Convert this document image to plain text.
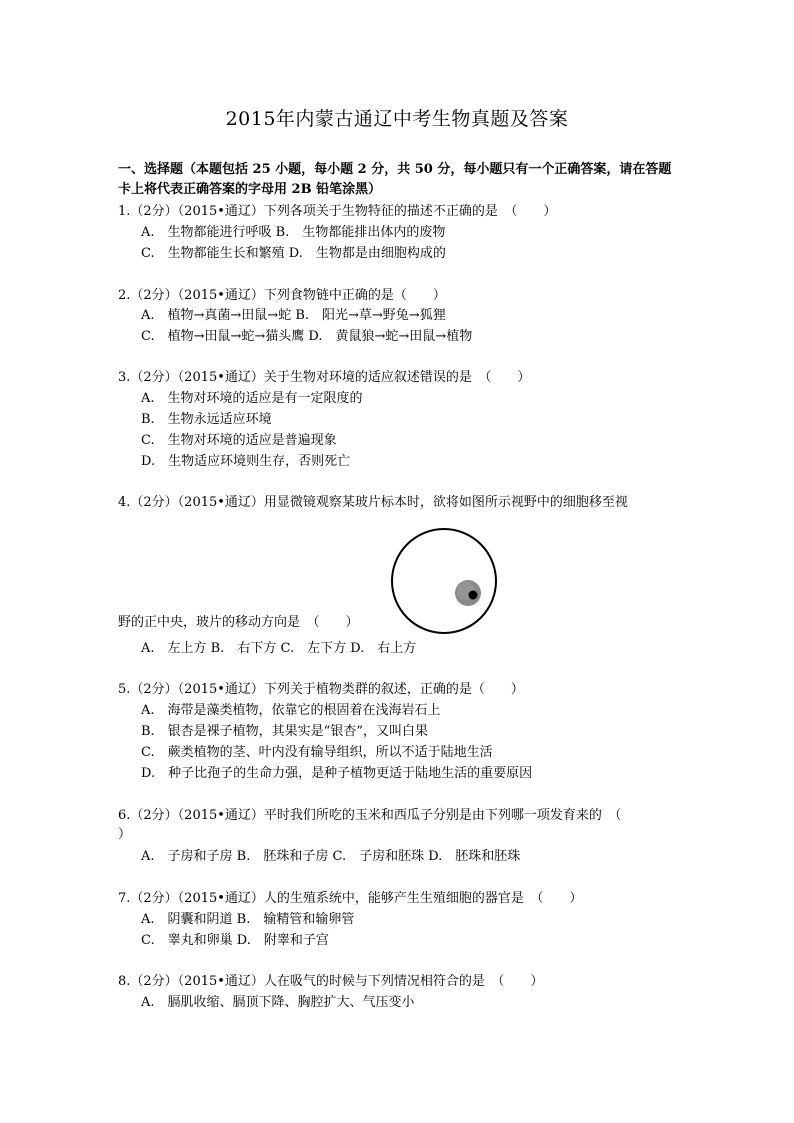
2015年内蒙古通辽中考生物真题及答案
一、选择题（本题包括 25 小题，每小题 2 分，共 50 分，每小题只有一个正确答案，请在答题卡上将代表正确答案的字母用 2B 铅笔涂黑）
1.（2分）（2015•通辽）下列各项关于生物特征的描述不正确的是　（　　）
A.　生物都能进行呼吸 B.　生物都能排出体内的废物
C.　生物都能生长和繁殖 D.　生物都是由细胞构成的
2.（2分）（2015•通辽）下列食物链中正确的是（　　）
A.　植物→真菌→田鼠→蛇 B.　阳光→草→野兔→狐狸
C.　植物→田鼠→蛇→猫头鹰 D.　黄鼠狼→蛇→田鼠→植物
3.（2分）（2015•通辽）关于生物对环境的适应叙述错误的是　（　　）
A.　生物对环境的适应是有一定限度的
B.　生物永远适应环境
C.　生物对环境的适应是普遍现象
D.　生物适应环境则生存，否则死亡
4.（2分）（2015•通辽）用显微镜观察某玻片标本时，欲将如图所示视野中的细胞移至视
野的正中央，玻片的移动方向是　（　　）
A.　左上方 B.　右下方 C.　左下方 D.　右上方
5.（2分）（2015•通辽）下列关于植物类群的叙述，正确的是（　　）
A.　海带是藻类植物，依靠它的根固着在浅海岩石上
B.　银杏是裸子植物，其果实是“银杏”，又叫白果
C.　蕨类植物的茎、叶内没有输导组织，所以不适于陆地生活
D.　种子比孢子的生命力强，是种子植物更适于陆地生活的重要原因
6.（2分）（2015•通辽）平时我们所吃的玉米和西瓜子分别是由下列哪一项发育来的　（
）
A.　子房和子房 B.　胚珠和子房 C.　子房和胚珠 D.　胚珠和胚珠
7.（2分）（2015•通辽）人的生殖系统中，能够产生生殖细胞的器官是　（　　）
A.　阴囊和阴道 B.　输精管和输卵管
C.　睾丸和卵巢 D.　附睾和子宫
8.（2分）（2015•通辽）人在吸气的时候与下列情况相符合的是　（　　）
A.　膈肌收缩、膈顶下降、胸腔扩大、气压变小
